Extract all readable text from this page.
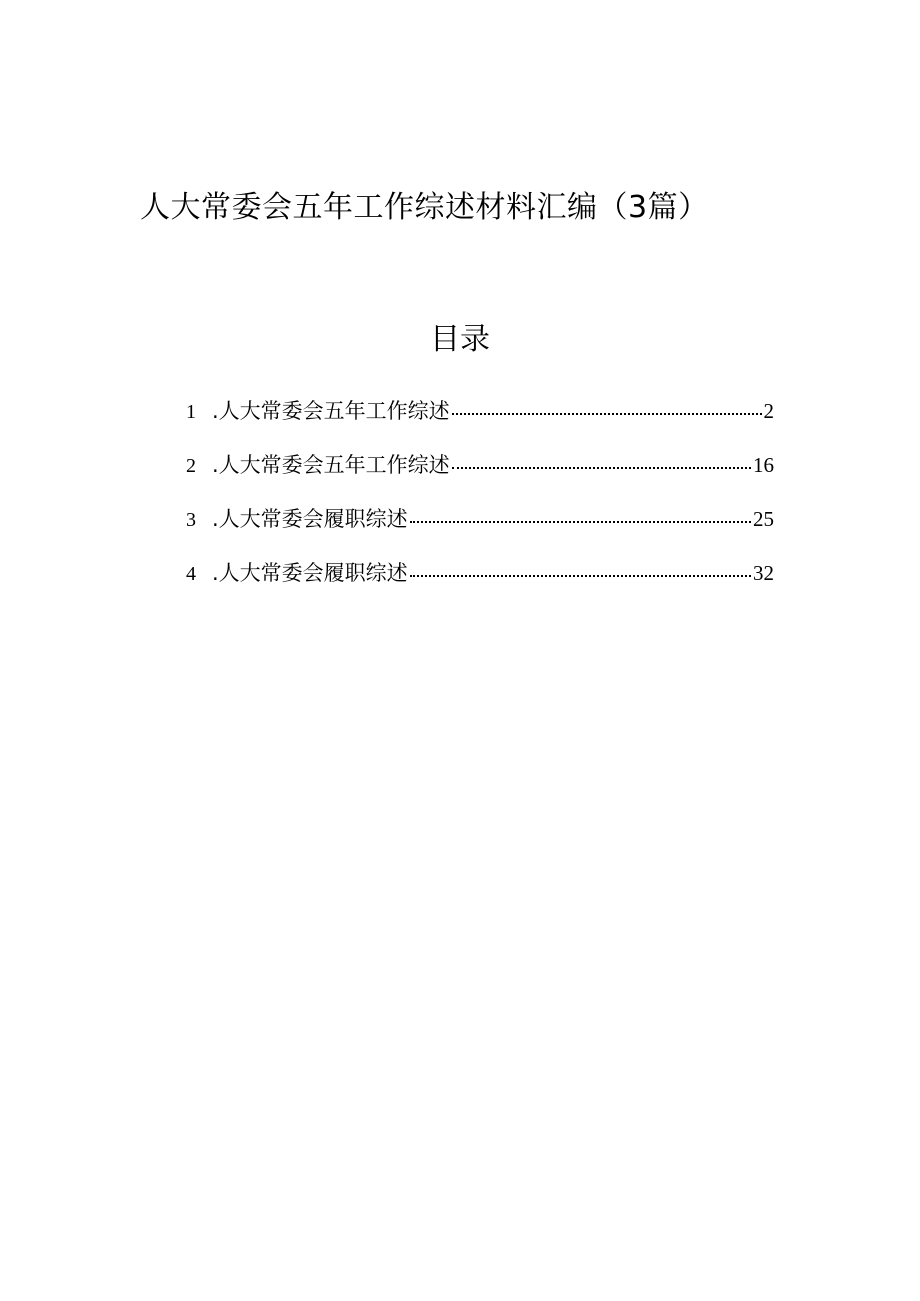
人大常委会五年工作综述材料汇编（3篇）
目录
1 .人大常委会五年工作综述	2
2 .人大常委会五年工作综述	16
3 .人大常委会履职综述	25
4 .人大常委会履职综述	32
